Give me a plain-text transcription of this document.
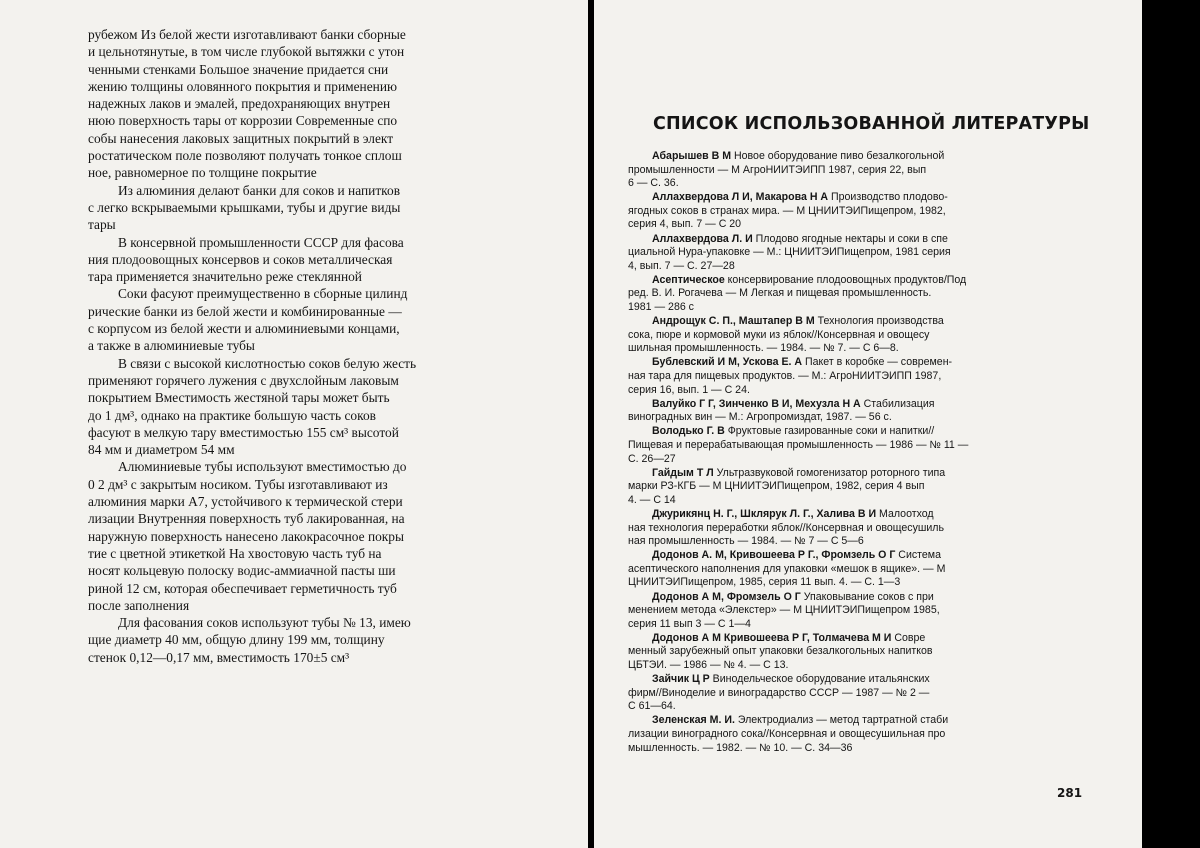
рубежом Из белой жести изготавливают банки сборные
и цельнотянутые, в том числе глубокой вытяжки с утон
ченными стенками Большое значение придается сни
жению толщины оловянного покрытия и применению
надежных лаков и эмалей, предохраняющих внутрен
нюю поверхность тары от коррозии Современные спо
собы нанесения лаковых защитных покрытий в элект
ростатическом поле позволяют получать тонкое сплош
ное, равномерное по толщине покрытие
Из алюминия делают банки для соков и напитков
с легко вскрываемыми крышками, тубы и другие виды
тары
В консервной промышленности СССР для фасова
ния плодоовощных консервов и соков металлическая
тара применяется значительно реже стеклянной
Соки фасуют преимущественно в сборные цилинд
рические банки из белой жести и комбинированные —
с корпусом из белой жести и алюминиевыми концами,
а также в алюминиевые тубы
В связи с высокой кислотностью соков белую жесть
применяют горячего лужения с двухслойным лаковым
покрытием Вместимость жестяной тары может быть
до 1 дм³, однако на практике большую часть соков
фасуют в мелкую тару вместимостью 155 см³ высотой
84 мм и диаметром 54 мм
Алюминиевые тубы используют вместимостью до
0 2 дм³ с закрытым носиком. Тубы изготавливают из
алюминия марки А7, устойчивого к термической стери
лизации Внутренняя поверхность туб лакированная, на
наружную поверхность нанесено лакокрасочное покры
тие с цветной этикеткой На хвостовую часть туб на
носят кольцевую полоску водис-аммиачной пасты ши
риной 12 см, которая обеспечивает герметичность туб
после заполнения
Для фасования соков используют тубы № 13, имею
щие диаметр 40 мм, общую длину 199 мм, толщину
стенок 0,12—0,17 мм, вместимость 170±5 см³
СПИСОК ИСПОЛЬЗОВАННОЙ ЛИТЕРАТУРЫ
Абарышев В М Новое оборудование пиво безалкогольной
промышленности — М АгроНИИТЭИПП 1987, серия 22, вып
6 — С. 36.
Аллахвердова Л И, Макарова Н А Производство плодово-
ягодных соков в странах мира. — М ЦНИИТЭИПищепром, 1982,
серия 4, вып. 7 — С 20
Аллахвердова Л. И Плодово ягодные нектары и соки в спе
циальной Нура-упаковке — М.: ЦНИИТЭИПищепром, 1981 серия
4, вып. 7 — С. 27—28
Асептическое консервирование плодоовощных продуктов/Под
ред. В. И. Рогачева — М Легкая и пищевая промышленность.
1981 — 286 с
Андрощук С. П., Маштапер В М Технология производства
сока, пюре и кормовой муки из яблок//Консервная и овощесу
шильная промышленность. — 1984. — № 7. — С 6—8.
Бублевский И М, Ускова Е. А Пакет в коробке — современ-
ная тара для пищевых продуктов. — М.: АгроНИИТЭИПП 1987,
серия 16, вып. 1 — С 24.
Валуйко Г Г, Зинченко В И, Мехузла Н А Стабилизация
виноградных вин — М.: Агропромиздат, 1987. — 56 с.
Володько Г. В Фруктовые газированные соки и напитки//
Пищевая и перерабатывающая промышленность — 1986 — № 11 —
С. 26—27
Гайдым Т Л Ультразвуковой гомогенизатор роторного типа
марки РЗ-КГБ — М ЦНИИТЭИПищепром, 1982, серия 4 вып
4. — С 14
Джурикянц Н. Г., Шклярук Л. Г., Халива В И Малоотход
ная технология переработки яблок//Консервная и овощесушиль
ная промышленность — 1984. — № 7 — С 5—6
Додонов А. М, Кривошеева Р Г., Фромзель О Г Система
асептического наполнения для упаковки «мешок в ящике». — М
ЦНИИТЭИПищепром, 1985, серия 11 вып. 4. — С. 1—3
Додонов А М, Фромзель О Г Упаковывание соков с при
менением метода «Элекстер» — М ЦНИИТЭИПищепром 1985,
серия 11 вып 3 — С 1—4
Додонов А М Кривошеева Р Г, Толмачева М И Совре
менный зарубежный опыт упаковки безалкогольных напитков
ЦБТЭИ. — 1986 — № 4. — С 13.
Зайчик Ц Р Винодельческое оборудование итальянских
фирм//Виноделие и виноградарство СССР — 1987 — № 2 —
С 61—64.
Зеленская М. И. Электродиализ — метод тартратной стаби
лизации виноградного сока//Консервная и овощесушильная про
мышленность. — 1982. — № 10. — С. 34—36
281
